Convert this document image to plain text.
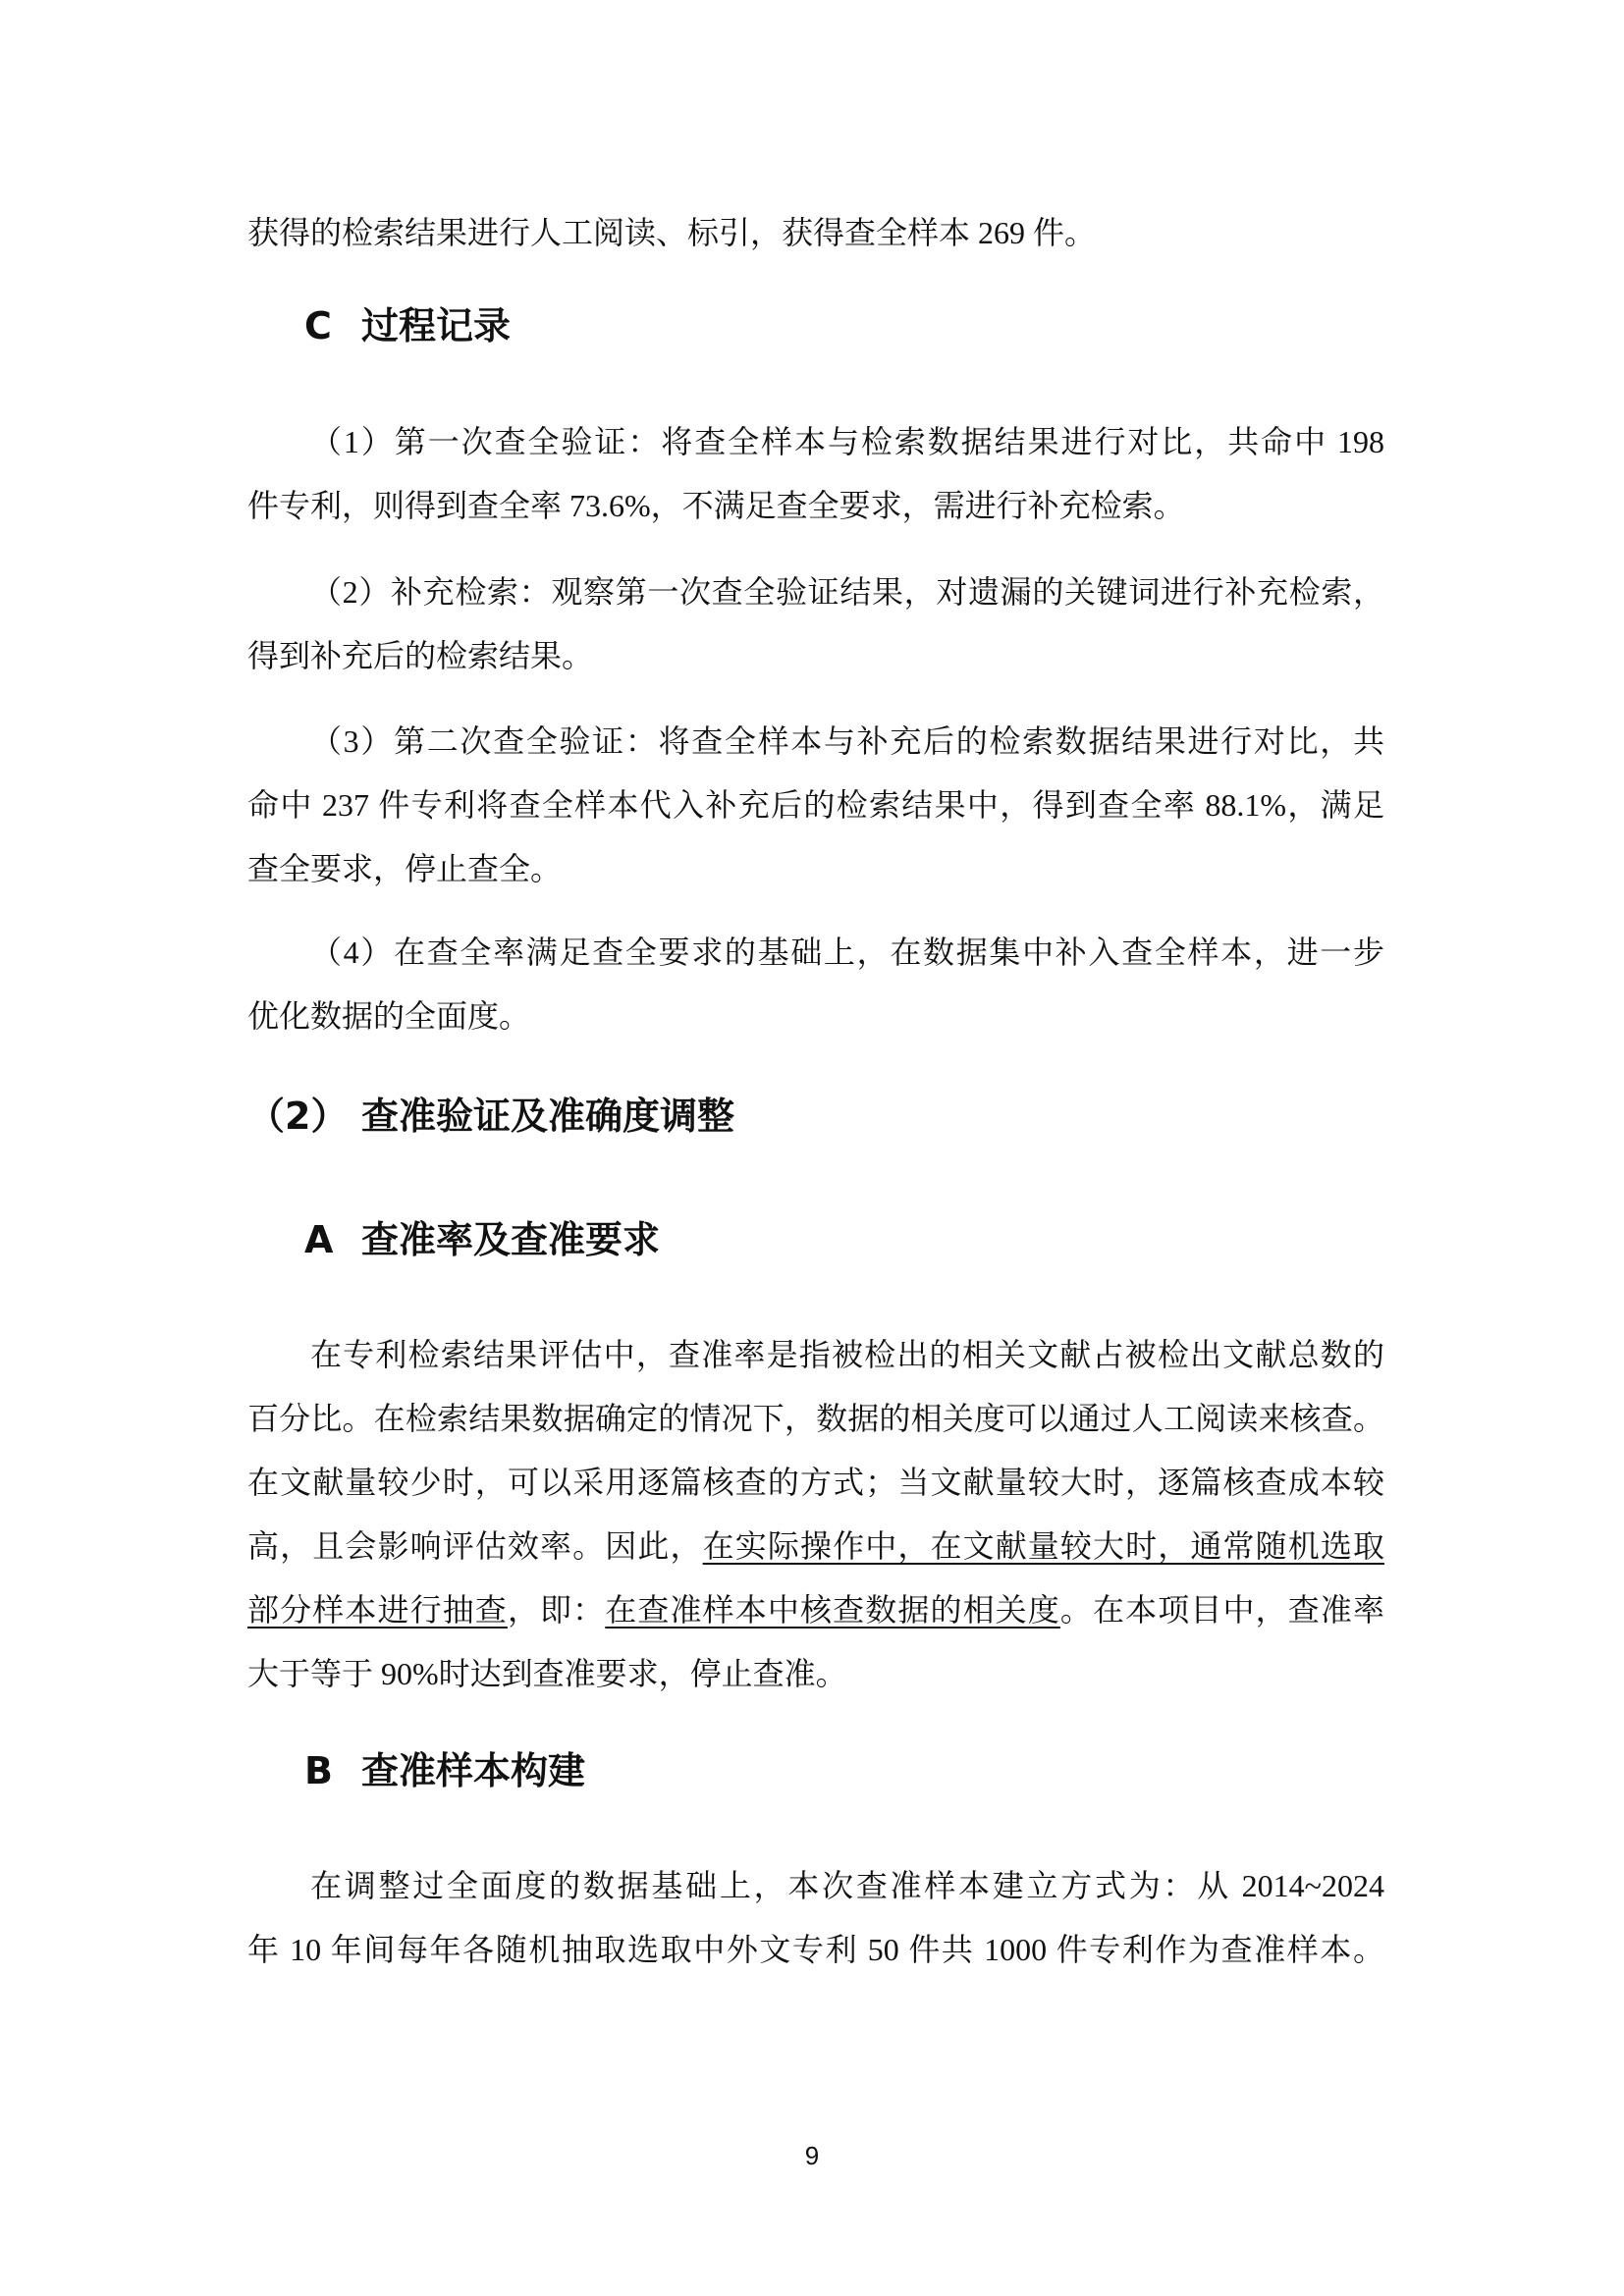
获得的检索结果进行人工阅读、标引，获得查全样本 269 件。
C 过程记录
（1）第一次查全验证：将查全样本与检索数据结果进行对比，共命中 198
件专利，则得到查全率 73.6%，不满足查全要求，需进行补充检索。
（2）补充检索：观察第一次查全验证结果，对遗漏的关键词进行补充检索，
得到补充后的检索结果。
（3）第二次查全验证：将查全样本与补充后的检索数据结果进行对比，共
命中 237 件专利将查全样本代入补充后的检索结果中，得到查全率 88.1%，满足
查全要求，停止查全。
（4）在查全率满足查全要求的基础上，在数据集中补入查全样本，进一步
优化数据的全面度。
（2） 查准验证及准确度调整
A 查准率及查准要求
在专利检索结果评估中，查准率是指被检出的相关文献占被检出文献总数的
百分比。在检索结果数据确定的情况下，数据的相关度可以通过人工阅读来核查。
在文献量较少时，可以采用逐篇核查的方式；当文献量较大时，逐篇核查成本较
高，且会影响评估效率。因此，在实际操作中，在文献量较大时，通常随机选取
部分样本进行抽查，即：在查准样本中核查数据的相关度。在本项目中，查准率
大于等于 90%时达到查准要求，停止查准。
B 查准样本构建
在调整过全面度的数据基础上，本次查准样本建立方式为：从 2014~2024
年 10 年间每年各随机抽取选取中外文专利 50 件共 1000 件专利作为查准样本。
9
